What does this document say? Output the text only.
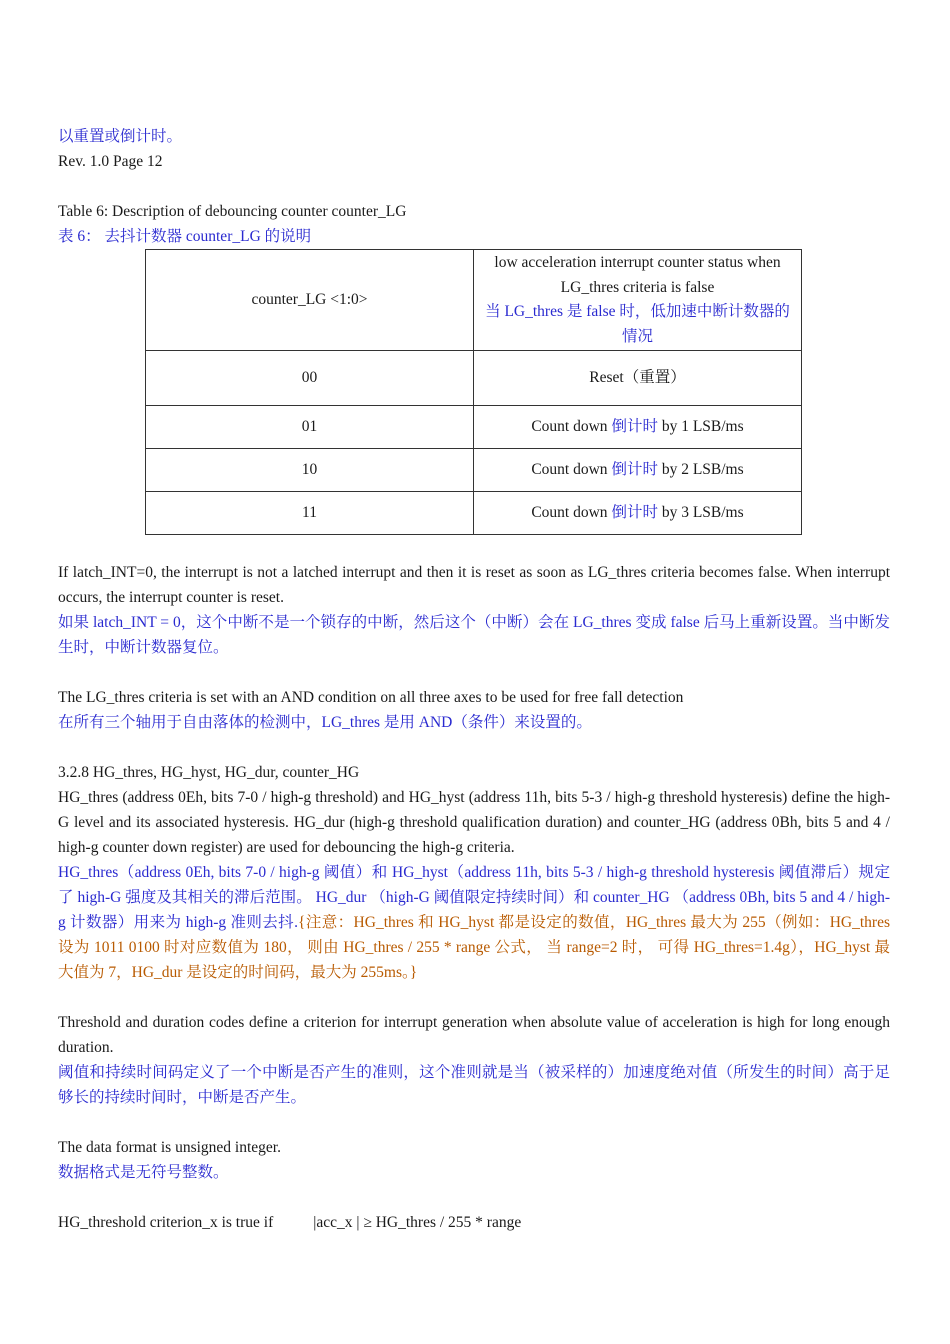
以重置或倒计时。

Rev. 1.0 Page 12

Table 6: Description of debouncing counter counter_LG

表 6： 去抖计数器 counter_LG 的说明

counter_LG <1:0>	low acceleration interrupt counter status when LG_thres criteria is false
当 LG_thres 是 false 时，低加速中断计数器的情况

00	Reset（重置）
01	Count down 倒计时 by 1 LSB/ms
10	Count down 倒计时 by 2 LSB/ms
11	Count down 倒计时 by 3 LSB/ms

If latch_INT=0, the interrupt is not a latched interrupt and then it is reset as soon as LG_thres criteria becomes false. When interrupt occurs, the interrupt counter is reset.

如果 latch_INT = 0，这个中断不是一个锁存的中断，然后这个（中断）会在 LG_thres 变成 false 后马上重新设置。当中断发生时，中断计数器复位。

The LG_thres criteria is set with an AND condition on all three axes to be used for free fall detection

在所有三个轴用于自由落体的检测中，LG_thres 是用 AND（条件）来设置的。

3.2.8 HG_thres, HG_hyst, HG_dur, counter_HG

HG_thres (address 0Eh, bits 7-0 / high-g threshold) and HG_hyst (address 11h, bits 5-3 / high-g threshold hysteresis) define the high-G level and its associated hysteresis. HG_dur (high-g threshold qualification duration) and counter_HG (address 0Bh, bits 5 and 4 / high-g counter down register) are used for debouncing the high-g criteria.

HG_thres（address 0Eh, bits 7-0 / high-g 阈值）和 HG_hyst（address 11h, bits 5-3 / high-g threshold hysteresis 阈值滞后）规定了 high-G 强度及其相关的滞后范围。 HG_dur （high-G 阈值限定持续时间）和 counter_HG （address 0Bh, bits 5 and 4 / high-g 计数器）用来为 high-g 准则去抖.{注意：HG_thres 和 HG_hyst 都是设定的数值，HG_thres 最大为 255（例如：HG_thres 设为 1011 0100 时对应数值为 180， 则由 HG_thres / 255 * range 公式， 当 range=2 时， 可得 HG_thres=1.4g），HG_hyst 最大值为 7，HG_dur 是设定的时间码，最大为 255ms。}

Threshold and duration codes define a criterion for interrupt generation when absolute value of acceleration is high for long enough duration.

阈值和持续时间码定义了一个中断是否产生的准则，这个准则就是当（被采样的）加速度绝对值（所发生的时间）高于足够长的持续时间时，中断是否产生。

The data format is unsigned integer.

数据格式是无符号整数。

HG_threshold criterion_x is true if	|acc_x | ≥ HG_thres / 255 * range
